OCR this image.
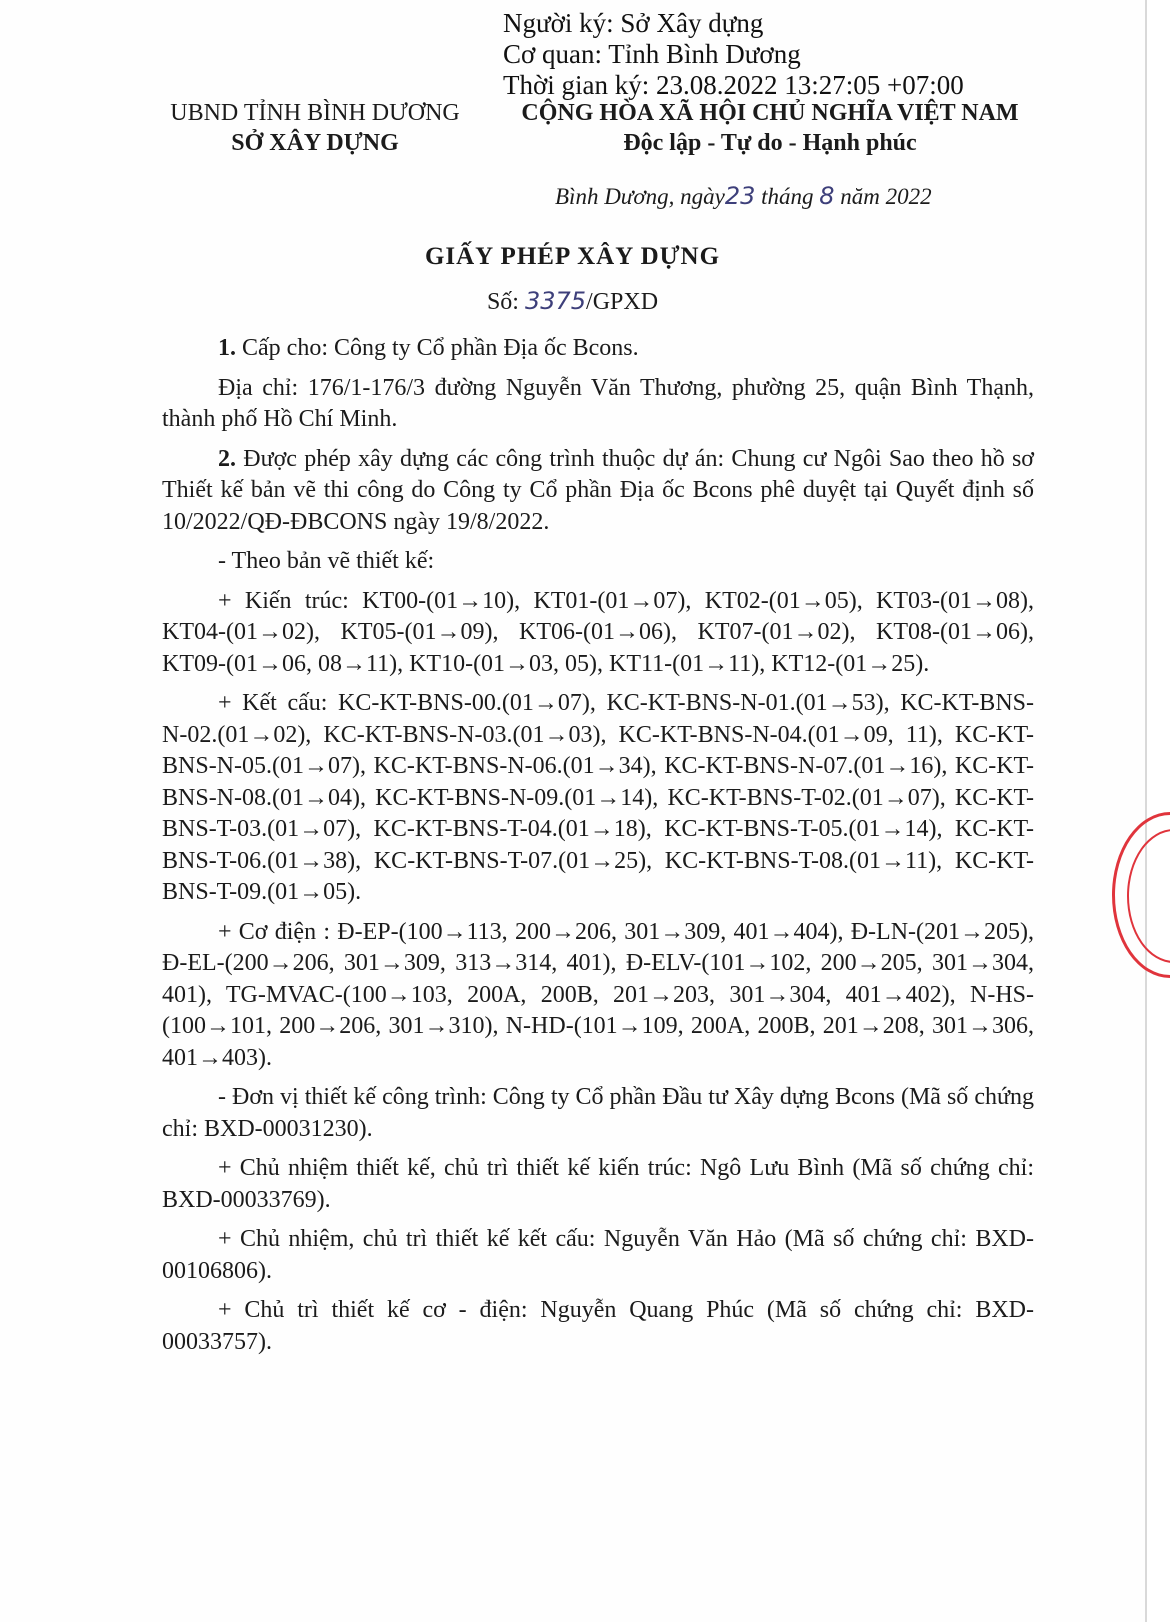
Người ký: Sở Xây dựng
Cơ quan: Tỉnh Bình Dương
Thời gian ký: 23.08.2022 13:27:05 +07:00
UBND TỈNH BÌNH DƯƠNG
SỞ XÂY DỰNG
CỘNG HÒA XÃ HỘI CHỦ NGHĨA VIỆT NAM
Độc lập - Tự do - Hạnh phúc
Bình Dương, ngày23 tháng 8 năm 2022
GIẤY PHÉP XÂY DỰNG
Số: 3375/GPXD

1. Cấp cho: Công ty Cổ phần Địa ốc Bcons.

Địa chỉ: 176/1-176/3 đường Nguyễn Văn Thương, phường 25, quận Bình Thạnh, thành phố Hồ Chí Minh.

2. Được phép xây dựng các công trình thuộc dự án: Chung cư Ngôi Sao theo hồ sơ Thiết kế bản vẽ thi công do Công ty Cổ phần Địa ốc Bcons phê duyệt tại Quyết định số 10/2022/QĐ-ĐBCONS ngày 19/8/2022.

- Theo bản vẽ thiết kế:

+ Kiến trúc: KT00-(01→10), KT01-(01→07), KT02-(01→05), KT03-(01→08), KT04-(01→02), KT05-(01→09), KT06-(01→06), KT07-(01→02), KT08-(01→06), KT09-(01→06, 08→11), KT10-(01→03, 05), KT11-(01→11), KT12-(01→25).

+ Kết cấu: KC-KT-BNS-00.(01→07), KC-KT-BNS-N-01.(01→53), KC-KT-BNS-N-02.(01→02), KC-KT-BNS-N-03.(01→03), KC-KT-BNS-N-04.(01→09, 11), KC-KT-BNS-N-05.(01→07), KC-KT-BNS-N-06.(01→34), KC-KT-BNS-N-07.(01→16), KC-KT-BNS-N-08.(01→04), KC-KT-BNS-N-09.(01→14), KC-KT-BNS-T-02.(01→07), KC-KT-BNS-T-03.(01→07), KC-KT-BNS-T-04.(01→18), KC-KT-BNS-T-05.(01→14), KC-KT-BNS-T-06.(01→38), KC-KT-BNS-T-07.(01→25), KC-KT-BNS-T-08.(01→11), KC-KT-BNS-T-09.(01→05).

+ Cơ điện : Đ-EP-(100→113, 200→206, 301→309, 401→404), Đ-LN-(201→205), Đ-EL-(200→206, 301→309, 313→314, 401), Đ-ELV-(101→102, 200→205, 301→304, 401), TG-MVAC-(100→103, 200A, 200B, 201→203, 301→304, 401→402), N-HS-(100→101, 200→206, 301→310), N-HD-(101→109, 200A, 200B, 201→208, 301→306, 401→403).

- Đơn vị thiết kế công trình: Công ty Cổ phần Đầu tư Xây dựng Bcons (Mã số chứng chỉ: BXD-00031230).

+ Chủ nhiệm thiết kế, chủ trì thiết kế kiến trúc: Ngô Lưu Bình (Mã số chứng chỉ: BXD-00033769).

+ Chủ nhiệm, chủ trì thiết kế kết cấu: Nguyễn Văn Hảo (Mã số chứng chỉ: BXD-00106806).

+ Chủ trì thiết kế cơ - điện: Nguyễn Quang Phúc (Mã số chứng chỉ: BXD-00033757).
